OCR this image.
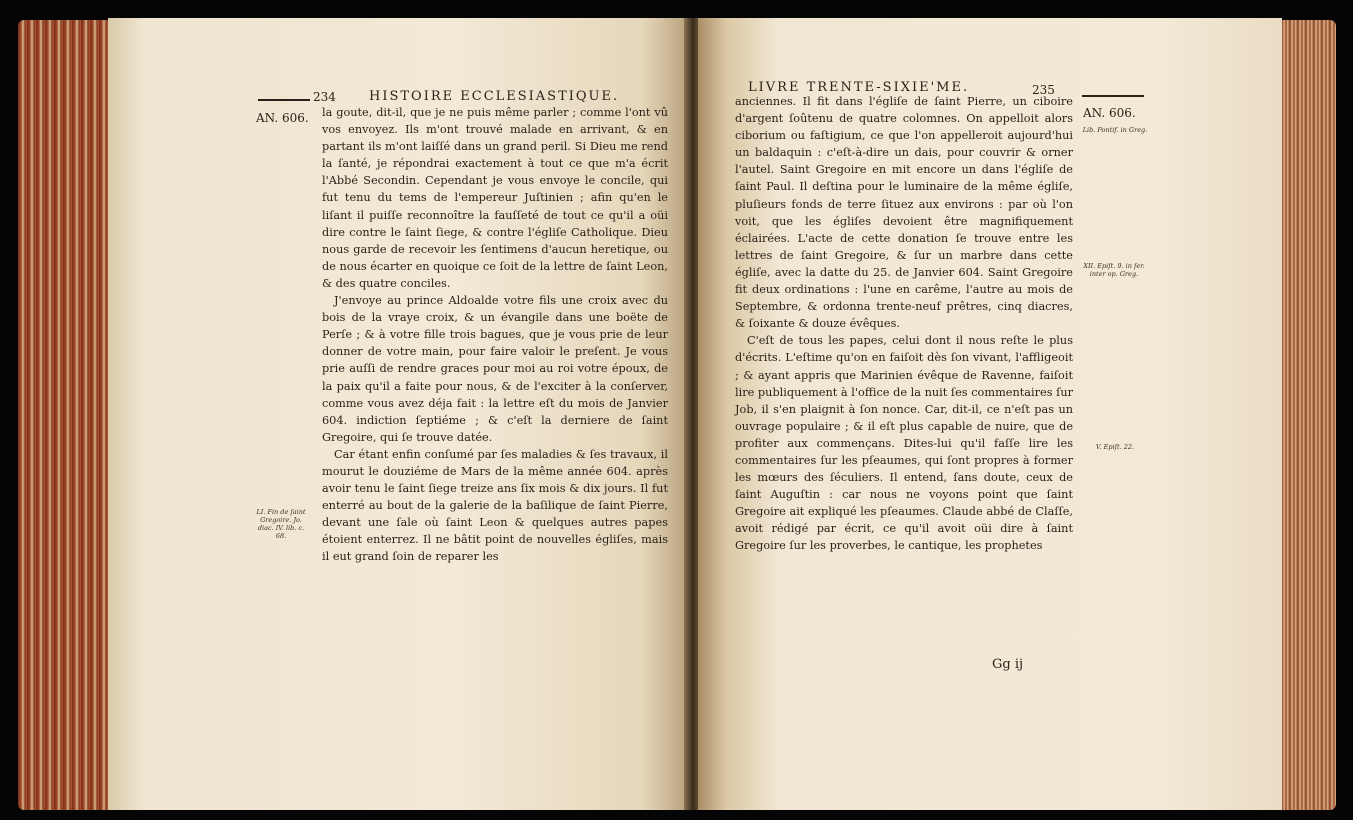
234	HISTOIRE ECCLESIASTIQUE.
AN. 606. la goute, dit-il, que je ne puis même parler ; comme l'ont vû vos envoyez. Ils m'ont trouvé malade en arrivant, & en partant ils m'ont laiſſé dans un grand peril. Si Dieu me rend la ſanté, je répondrai exactement à tout ce que m'a écrit l'Abbé Secondin. Cependant je vous envoye le concile, qui fut tenu du tems de l'empereur Juſtinien ; afin qu'en le liſant il puiſſe reconnoître la fauſſeté de tout ce qu'il a oüi dire contre le ſaint ſiege, & contre l'égliſe Catholique. Dieu nous garde de recevoir les ſentimens d'aucun heretique, ou de nous écarter en quoique ce ſoit de la lettre de ſaint Leon, & des quatre conciles.

J'envoye au prince Aldoalde votre fils une croix avec du bois de la vraye croix, & un évangile dans une boëte de Perſe ; & à votre fille trois bagues, que je vous prie de leur donner de votre main, pour faire valoir le preſent. Je vous prie auſſi de rendre graces pour moi au roi votre époux, de la paix qu'il a faite pour nous, & de l'exciter à la conſerver, comme vous avez déja fait : la lettre eſt du mois de Janvier 604. indiction ſeptiéme ; & c'eſt la derniere de ſaint Gregoire, qui ſe trouve datée.

Car étant enfin conſumé par ſes maladies & ſes travaux, il mourut le douziéme de Mars de la même année 604. après avoir tenu le ſaint ſiege treize ans ſix mois & dix jours. Il fut enterré au bout de la galerie de la baſilique de ſaint Pierre, devant une ſale où ſaint Leon & quelques autres papes étoient enterrez. Il ne bâtit point de nouvelles égliſes, mais il eut grand ſoin de reparer les

LI. Fin de ſaint Gregoire. Jo. diac. IV. lib. c. 68.
LIVRE TRENTE-SIXIE'ME.	235
AN. 606.

anciennes. Il fit dans l'égliſe de ſaint Pierre, un ciboire d'argent ſoûtenu de quatre colomnes. On appelloit alors ciborium ou faſtigium, ce que l'on appelleroit aujourd'hui un baldaquin : c'eſt-à-dire un dais, pour couvrir & orner l'autel. Saint Gregoire en mit encore un dans l'égliſe de ſaint Paul. Il deſtina pour le luminaire de la même égliſe, pluſieurs fonds de terre ſituez aux environs : par où l'on voit, que les égliſes devoient être magnifiquement éclairées. L'acte de cette donation ſe trouve entre les lettres de ſaint Gregoire, & ſur un marbre dans cette égliſe, avec la datte du 25. de Janvier 604. Saint Gregoire fit deux ordinations : l'une en carême, l'autre au mois de Septembre, & ordonna trente-neuf prêtres, cinq diacres, & ſoixante & douze évêques.

C'eſt de tous les papes, celui dont il nous reſte le plus d'écrits. L'eſtime qu'on en faiſoit dès ſon vivant, l'affligeoit ; & ayant appris que Marinien évêque de Ravenne, faiſoit lire publiquement à l'office de la nuit ſes commentaires ſur Job, il s'en plaignit à ſon nonce. Car, dit-il, ce n'eſt pas un ouvrage populaire ; & il eſt plus capable de nuire, que de profiter aux commençans. Dites-lui qu'il faſſe lire les commentaires ſur les pſeaumes, qui ſont propres à former les mœurs des ſéculiers. Il entend, ſans doute, ceux de ſaint Auguſtin : car nous ne voyons point que ſaint Gregoire ait expliqué les pſeaumes. Claude abbé de Claſſe, avoit rédigé par écrit, ce qu'il avoit oüi dire à ſaint Gregoire ſur les proverbes, le cantique, les prophetes

Lib. Pontif. in Greg.
XII. Epiſt. 9. in ſer. inter op. Greg.
V. Epiſt. 22.
Gg ij
